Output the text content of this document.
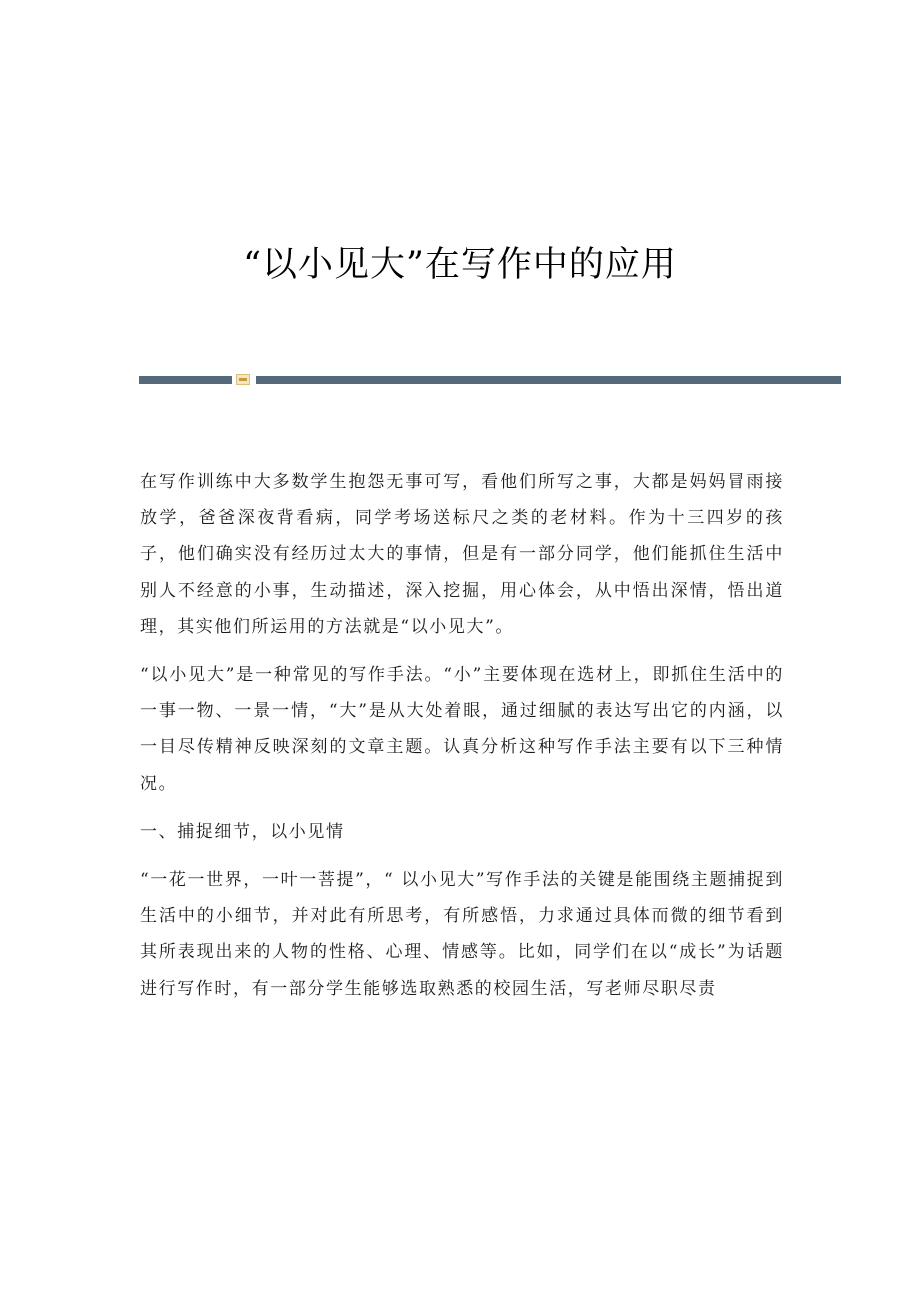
“以小见大”在写作中的应用

在写作训练中大多数学生抱怨无事可写，看他们所写之事，大都是妈妈冒雨接放学，爸爸深夜背看病，同学考场送标尺之类的老材料。作为十三四岁的孩子，他们确实没有经历过太大的事情，但是有一部分同学，他们能抓住生活中别人不经意的小事，生动描述，深入挖掘，用心体会，从中悟出深情，悟出道理，其实他们所运用的方法就是“以小见大”。

“以小见大”是一种常见的写作手法。“小”主要体现在选材上，即抓住生活中的一事一物、一景一情，“大”是从大处着眼，通过细腻的表达写出它的内涵，以一目尽传精神反映深刻的文章主题。认真分析这种写作手法主要有以下三种情况。

一、捕捉细节，以小见情

“一花一世界，一叶一菩提”，“ 以小见大”写作手法的关键是能围绕主题捕捉到生活中的小细节，并对此有所思考，有所感悟，力求通过具体而微的细节看到其所表现出来的人物的性格、心理、情感等。比如，同学们在以“成长”为话题进行写作时，有一部分学生能够选取熟悉的校园生活，写老师尽职尽责
